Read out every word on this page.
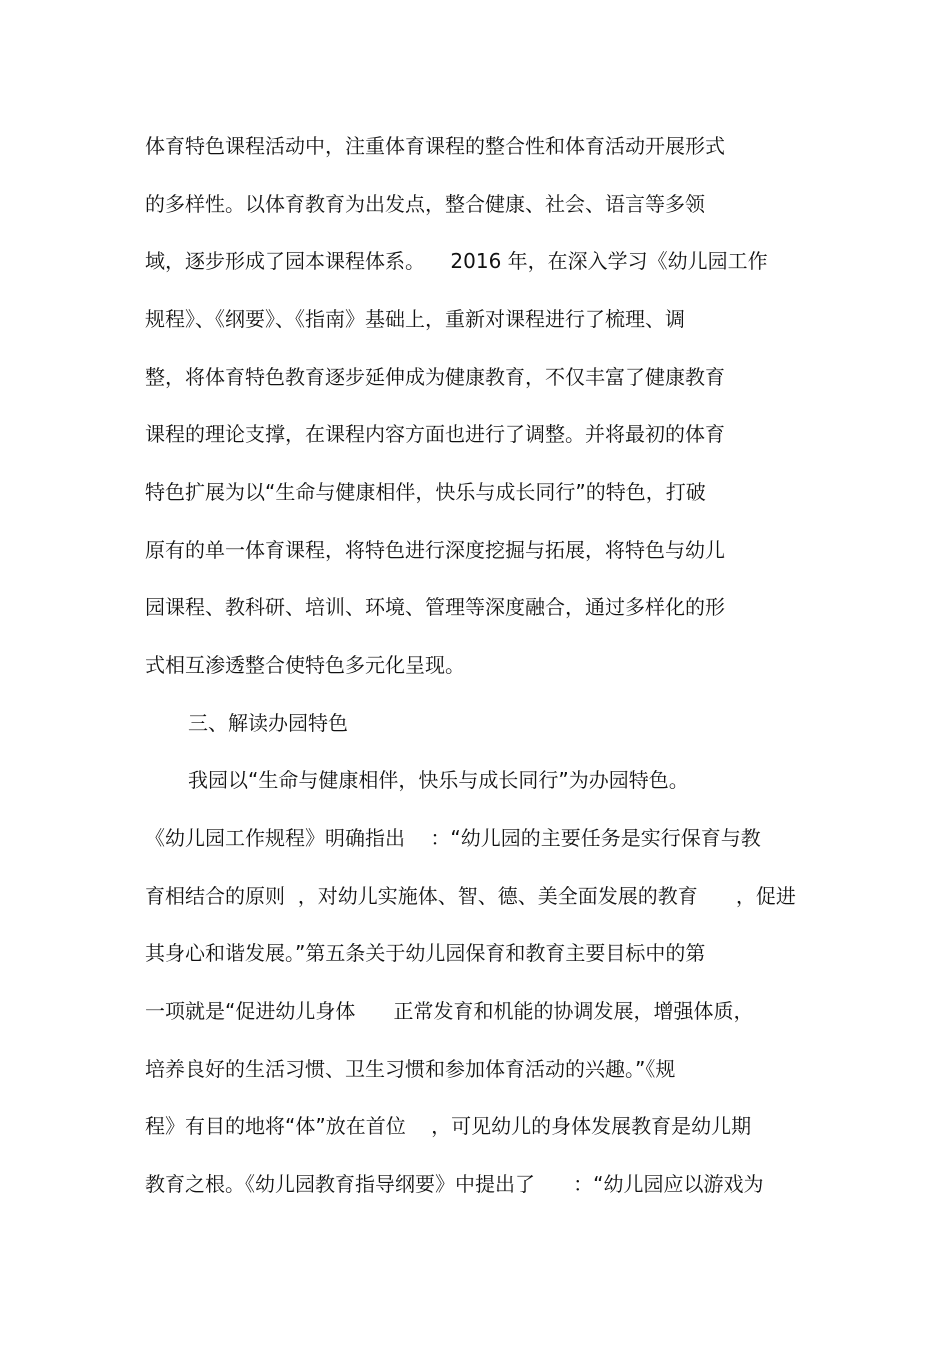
体育特色课程活动中，注重体育课程的整合性和体育活动开展形式
的多样性。以体育教育为出发点，整合健康、社会、语言等多领
域，逐步形成了园本课程体系。    2016 年，在深入学习《幼儿园工作
规程》、《纲要》、《指南》基础上，重新对课程进行了梳理、调
整，将体育特色教育逐步延伸成为健康教育，不仅丰富了健康教育
课程的理论支撑，在课程内容方面也进行了调整。并将最初的体育
特色扩展为以“生命与健康相伴，快乐与成长同行”的特色，打破
原有的单一体育课程，将特色进行深度挖掘与拓展，将特色与幼儿
园课程、教科研、培训、环境、管理等深度融合，通过多样化的形
式相互渗透整合使特色多元化呈现。
三、解读办园特色
我园以“生命与健康相伴，快乐与成长同行”为办园特色。
《幼儿园工作规程》明确指出    ：“幼儿园的主要任务是实行保育与教
育相结合的原则  ，对幼儿实施体、智、德、美全面发展的教育      ，促进
其身心和谐发展。”第五条关于幼儿园保育和教育主要目标中的第
一项就是“促进幼儿身体      正常发育和机能的协调发展，增强体质，
培养良好的生活习惯、卫生习惯和参加体育活动的兴趣。”《规
程》有目的地将“体”放在首位    ，可见幼儿的身体发展教育是幼儿期
教育之根。《幼儿园教育指导纲要》中提出了      ：“幼儿园应以游戏为
